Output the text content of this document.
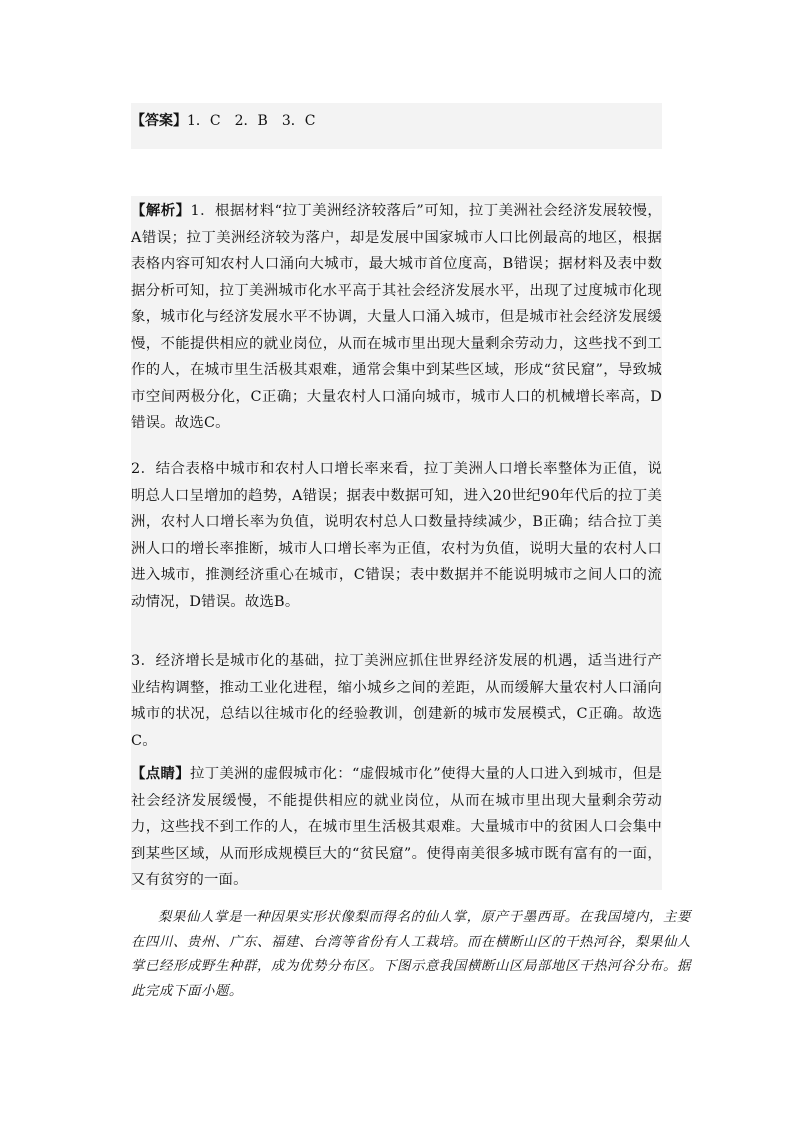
【答案】1．C　2．B　3．C

【解析】1．根据材料“拉丁美洲经济较落后”可知，拉丁美洲社会经济发展较慢，A错误；拉丁美洲经济较为落户，却是发展中国家城市人口比例最高的地区，根据表格内容可知农村人口涌向大城市，最大城市首位度高，B错误；据材料及表中数据分析可知，拉丁美洲城市化水平高于其社会经济发展水平，出现了过度城市化现象，城市化与经济发展水平不协调，大量人口涌入城市，但是城市社会经济发展缓慢，不能提供相应的就业岗位，从而在城市里出现大量剩余劳动力，这些找不到工作的人，在城市里生活极其艰难，通常会集中到某些区域，形成“贫民窟”，导致城市空间两极分化，C正确；大量农村人口涌向城市，城市人口的机械增长率高，D错误。故选C。

2．结合表格中城市和农村人口增长率来看，拉丁美洲人口增长率整体为正值，说明总人口呈增加的趋势，A错误；据表中数据可知，进入20世纪90年代后的拉丁美洲，农村人口增长率为负值，说明农村总人口数量持续减少，B正确；结合拉丁美洲人口的增长率推断，城市人口增长率为正值，农村为负值，说明大量的农村人口进入城市，推测经济重心在城市，C错误；表中数据并不能说明城市之间人口的流动情况，D错误。故选B。

3．经济增长是城市化的基础，拉丁美洲应抓住世界经济发展的机遇，适当进行产业结构调整，推动工业化进程，缩小城乡之间的差距，从而缓解大量农村人口涌向城市的状况，总结以往城市化的经验教训，创建新的城市发展模式，C正确。故选C。

【点睛】拉丁美洲的虚假城市化：“虚假城市化”使得大量的人口进入到城市，但是社会经济发展缓慢，不能提供相应的就业岗位，从而在城市里出现大量剩余劳动力，这些找不到工作的人，在城市里生活极其艰难。大量城市中的贫困人口会集中到某些区域，从而形成规模巨大的“贫民窟”。使得南美很多城市既有富有的一面，又有贫穷的一面。

梨果仙人掌是一种因果实形状像梨而得名的仙人掌，原产于墨西哥。在我国境内，主要在四川、贵州、广东、福建、台湾等省份有人工栽培。而在横断山区的干热河谷，梨果仙人掌已经形成野生种群，成为优势分布区。下图示意我国横断山区局部地区干热河谷分布。据此完成下面小题。
